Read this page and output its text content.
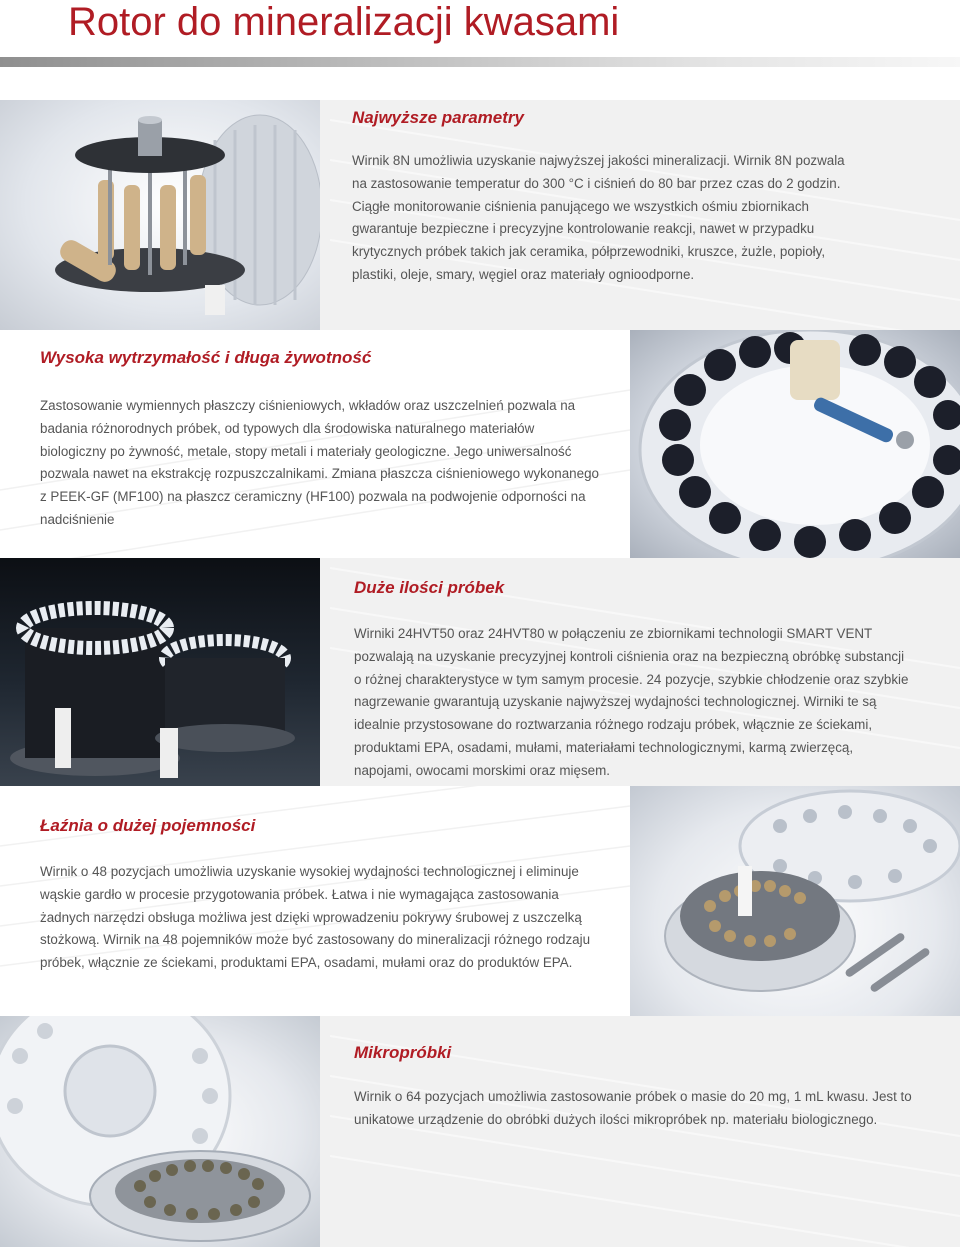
Rotor do mineralizacji kwasami
Najwyższe parametry

Wirnik 8N umożliwia uzyskanie najwyższej jakości mineralizacji. Wirnik 8N pozwala na zastosowanie temperatur do 300 °C i ciśnień do 80 bar przez czas do 2 godzin. Ciągłe monitorowanie ciśnienia panującego we wszystkich ośmiu zbiornikach gwarantuje bezpieczne i precyzyjne kontrolowanie reakcji, nawet w przypadku krytycznych próbek takich jak ceramika, półprzewodniki, kruszce, żużle, popioły, plastiki, oleje, smary, węgiel oraz materiały ognioodporne.

Wysoka wytrzymałość i długa żywotność

Zastosowanie wymiennych płaszczy ciśnieniowych, wkładów oraz uszczelnień pozwala na badania różnorodnych próbek, od typowych dla środowiska naturalnego materiałów biologiczny po żywność, metale, stopy metali i materiały geologiczne. Jego uniwersalność pozwala nawet na ekstrakcję rozpuszczalnikami. Zmiana płaszcza ciśnieniowego wykonanego z PEEK-GF (MF100) na płaszcz ceramiczny (HF100) pozwala na podwojenie odporności na nadciśnienie

Duże ilości próbek

Wirniki 24HVT50 oraz 24HVT80 w połączeniu ze zbiornikami technologii SMART VENT pozwalają na uzyskanie precyzyjnej kontroli ciśnienia oraz na bezpieczną obróbkę substancji o różnej charakterystyce w tym samym procesie. 24 pozycje, szybkie chłodzenie oraz szybkie nagrzewanie gwarantują uzyskanie najwyższej wydajności technologicznej. Wirniki te są idealnie przystosowane do roztwarzania różnego rodzaju próbek, włącznie ze ściekami, produktami EPA, osadami, mułami, materiałami technologicznymi, karmą zwierzęcą, napojami, owocami morskimi oraz mięsem.

Łaźnia o dużej pojemności

Wirnik o 48 pozycjach umożliwia uzyskanie wysokiej wydajności technologicznej i eliminuje wąskie gardło w procesie przygotowania próbek. Łatwa i nie wymagająca zastosowania żadnych narzędzi obsługa możliwa jest dzięki wprowadzeniu pokrywy śrubowej z uszczelką stożkową. Wirnik na 48 pojemników może być zastosowany do mineralizacji różnego rodzaju próbek, włącznie ze ściekami, produktami EPA, osadami, mułami oraz do produktów EPA.

Mikropróbki

Wirnik o 64 pozycjach umożliwia zastosowanie próbek o masie do 20 mg, 1 mL kwasu. Jest to unikatowe urządzenie do obróbki dużych ilości mikropróbek np. materiału biologicznego.
